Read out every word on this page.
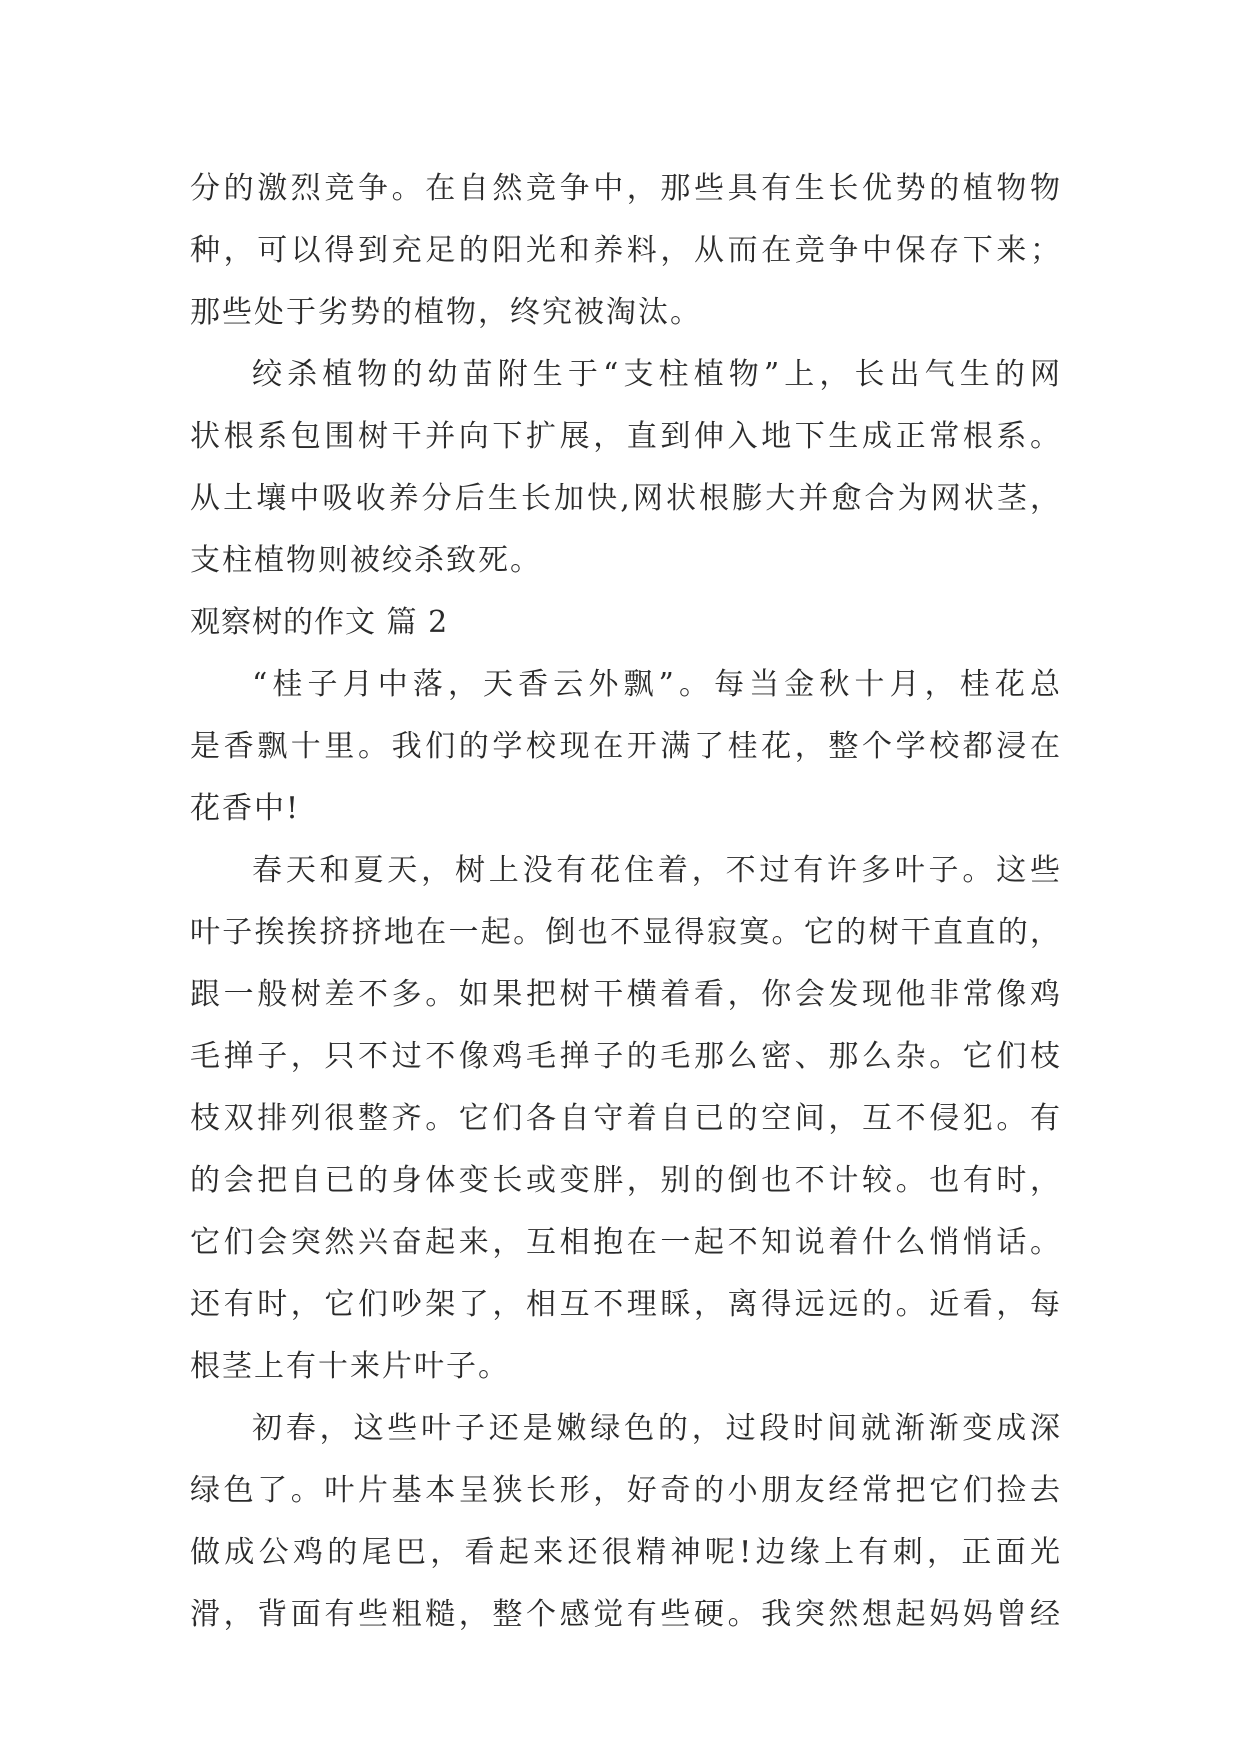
分的激烈竞争。在自然竞争中，那些具有生长优势的植物物
种，可以得到充足的阳光和养料，从而在竞争中保存下来；
那些处于劣势的植物，终究被淘汰。
绞杀植物的幼苗附生于“支柱植物”上，长出气生的网
状根系包围树干并向下扩展，直到伸入地下生成正常根系。
从土壤中吸收养分后生长加快,网状根膨大并愈合为网状茎，
支柱植物则被绞杀致死。
观察树的作文 篇 2
“桂子月中落，天香云外飘”。每当金秋十月，桂花总
是香飘十里。我们的学校现在开满了桂花，整个学校都浸在
花香中!
春天和夏天，树上没有花住着，不过有许多叶子。这些
叶子挨挨挤挤地在一起。倒也不显得寂寞。它的树干直直的，
跟一般树差不多。如果把树干横着看，你会发现他非常像鸡
毛掸子，只不过不像鸡毛掸子的毛那么密、那么杂。它们枝
枝双排列很整齐。它们各自守着自已的空间，互不侵犯。有
的会把自已的身体变长或变胖，别的倒也不计较。也有时，
它们会突然兴奋起来，互相抱在一起不知说着什么悄悄话。
还有时，它们吵架了，相互不理睬，离得远远的。近看，每
根茎上有十来片叶子。
初春，这些叶子还是嫩绿色的，过段时间就渐渐变成深
绿色了。叶片基本呈狭长形，好奇的小朋友经常把它们捡去
做成公鸡的尾巴，看起来还很精神呢!边缘上有刺，正面光
滑，背面有些粗糙，整个感觉有些硬。我突然想起妈妈曾经
